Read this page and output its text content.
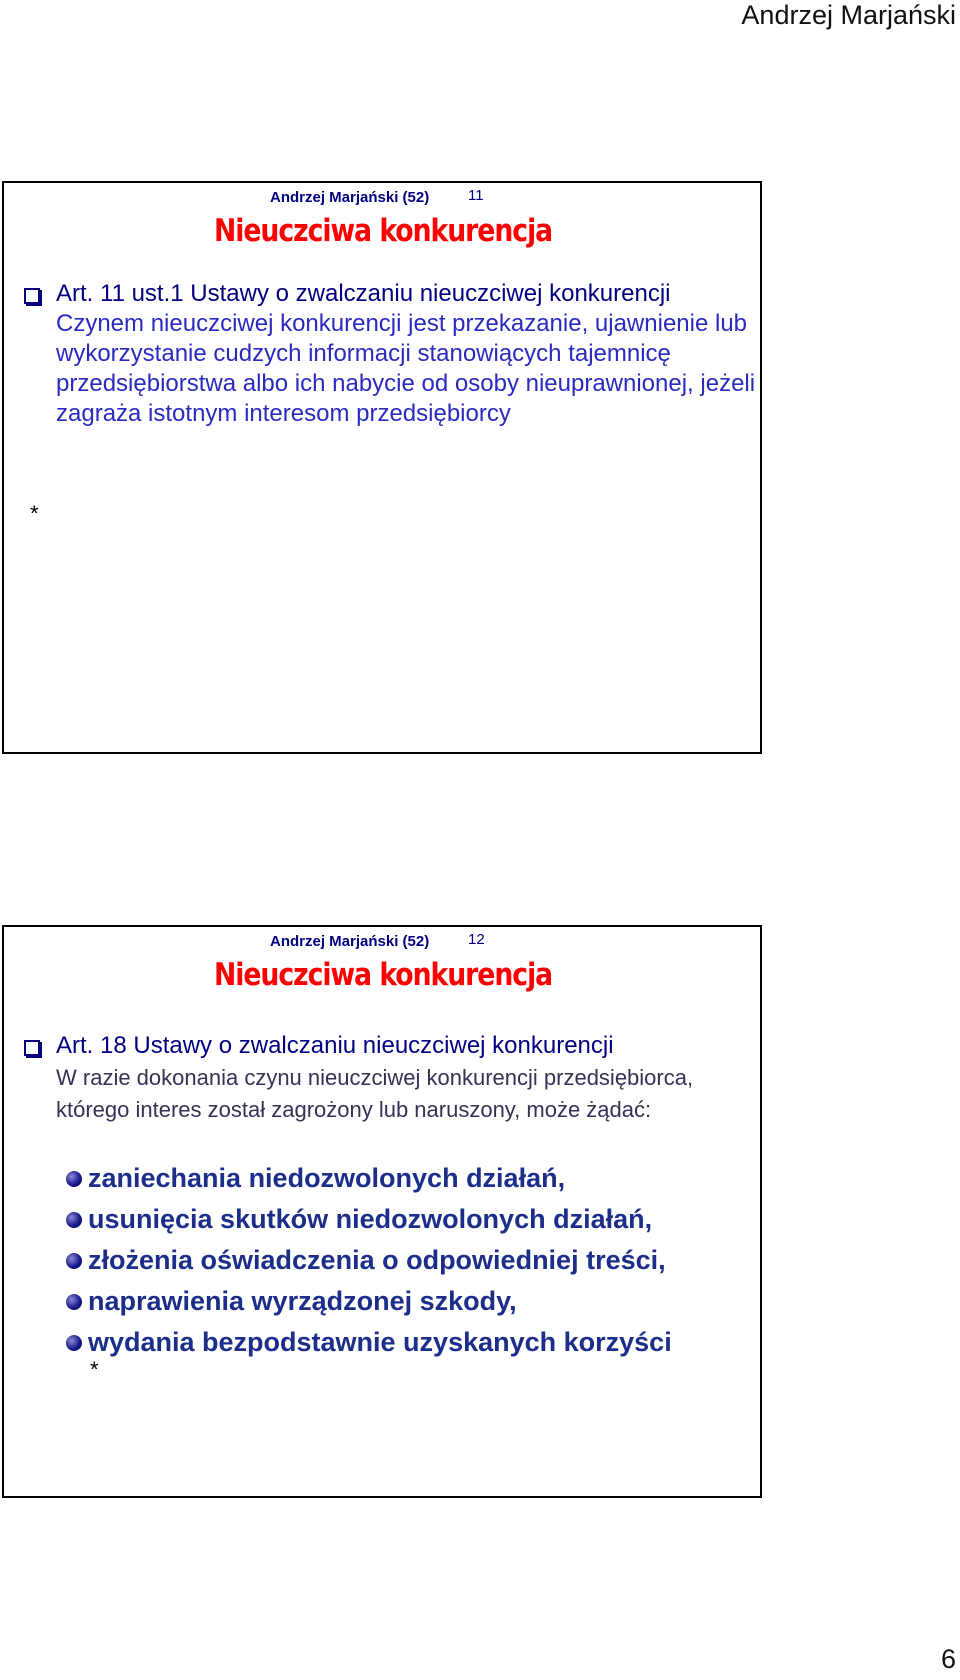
Andrzej Marjański
Andrzej Marjański (52)	11
Nieuczciwa konkurencja
Art. 11 ust.1 Ustawy o zwalczaniu nieuczciwej konkurencji
Czynem nieuczciwej konkurencji jest przekazanie, ujawnienie lub wykorzystanie cudzych informacji stanowiących tajemnicę przedsiębiorstwa albo ich nabycie od osoby nieuprawnionej, jeżeli zagraża istotnym interesom przedsiębiorcy
*
Andrzej Marjański (52)	12
Nieuczciwa konkurencja
Art. 18 Ustawy o zwalczaniu nieuczciwej konkurencji
W razie dokonania czynu nieuczciwej konkurencji przedsiębiorca, którego interes został zagrożony lub naruszony, może żądać:
zaniechania niedozwolonych działań,
usunięcia skutków niedozwolonych działań,
złożenia oświadczenia o odpowiedniej treści,
naprawienia wyrządzonej szkody,
wydania bezpodstawnie uzyskanych korzyści
*
6
